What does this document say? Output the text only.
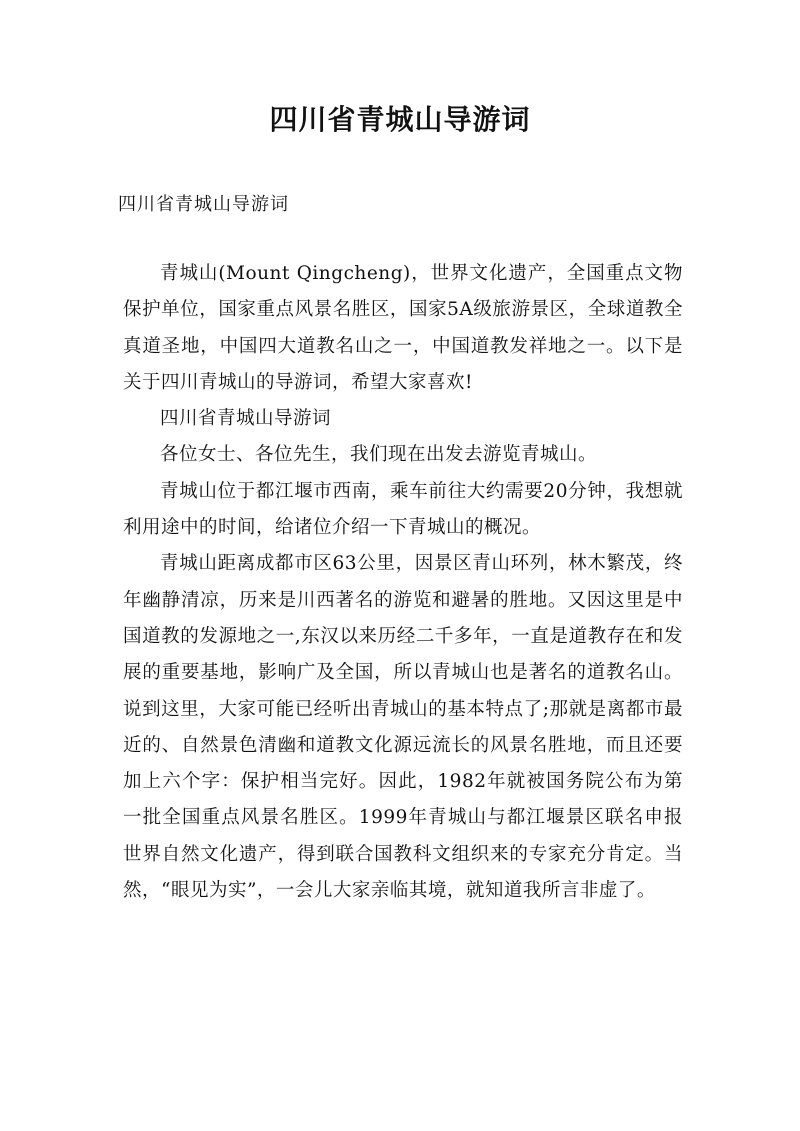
四川省青城山导游词
四川省青城山导游词

青城山(Mount Qingcheng)，世界文化遗产，全国重点文物保护单位，国家重点风景名胜区，国家5A级旅游景区，全球道教全真道圣地，中国四大道教名山之一，中国道教发祥地之一。以下是关于四川青城山的导游词，希望大家喜欢!

四川省青城山导游词

各位女士、各位先生，我们现在出发去游览青城山。

青城山位于都江堰市西南，乘车前往大约需要20分钟，我想就利用途中的时间，给诸位介绍一下青城山的概况。

青城山距离成都市区63公里，因景区青山环列，林木繁茂，终年幽静清凉，历来是川西著名的游览和避暑的胜地。又因这里是中国道教的发源地之一,东汉以来历经二千多年，一直是道教存在和发展的重要基地，影响广及全国，所以青城山也是著名的道教名山。说到这里，大家可能已经听出青城山的基本特点了;那就是离都市最近的、自然景色清幽和道教文化源远流长的风景名胜地，而且还要加上六个字：保护相当完好。因此，1982年就被国务院公布为第一批全国重点风景名胜区。1999年青城山与都江堰景区联名申报世界自然文化遗产，得到联合国教科文组织来的专家充分肯定。当然，“眼见为实”，一会儿大家亲临其境，就知道我所言非虚了。
